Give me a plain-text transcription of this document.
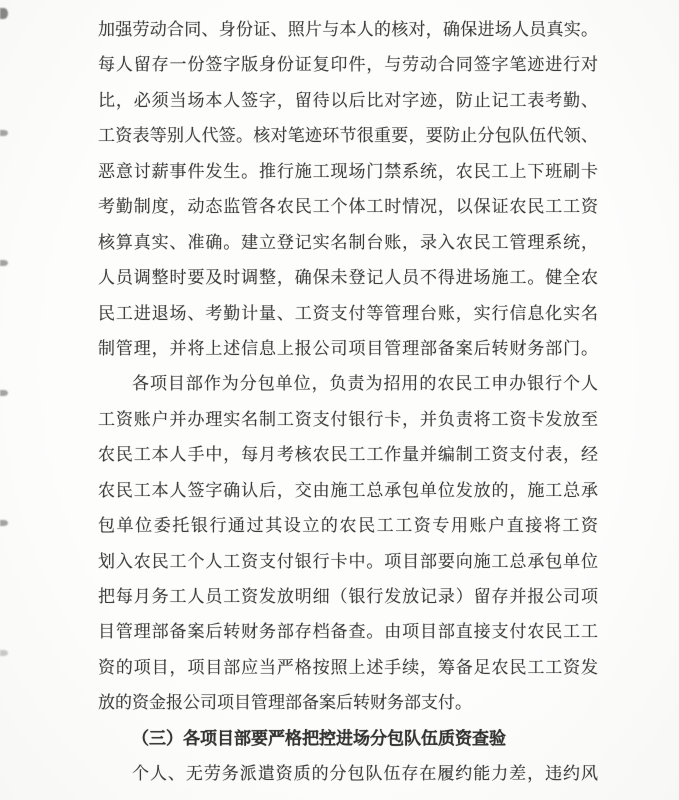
加强劳动合同、身份证、照片与本人的核对，确保进场人员真实。
每人留存一份签字版身份证复印件，与劳动合同签字笔迹进行对
比，必须当场本人签字，留待以后比对字迹，防止记工表考勤、
工资表等别人代签。核对笔迹环节很重要，要防止分包队伍代领、
恶意讨薪事件发生。推行施工现场门禁系统，农民工上下班刷卡
考勤制度，动态监管各农民工个体工时情况，以保证农民工工资
核算真实、准确。建立登记实名制台账，录入农民工管理系统，
人员调整时要及时调整，确保未登记人员不得进场施工。健全农
民工进退场、考勤计量、工资支付等管理台账，实行信息化实名
制管理，并将上述信息上报公司项目管理部备案后转财务部门。
各项目部作为分包单位，负责为招用的农民工申办银行个人
工资账户并办理实名制工资支付银行卡，并负责将工资卡发放至
农民工本人手中，每月考核农民工工作量并编制工资支付表，经
农民工本人签字确认后，交由施工总承包单位发放的，施工总承
包单位委托银行通过其设立的农民工工资专用账户直接将工资
划入农民工个人工资支付银行卡中。项目部要向施工总承包单位
把每月务工人员工资发放明细（银行发放记录）留存并报公司项
目管理部备案后转财务部存档备查。由项目部直接支付农民工工
资的项目，项目部应当严格按照上述手续，筹备足农民工工资发
放的资金报公司项目管理部备案后转财务部支付。
（三）各项目部要严格把控进场分包队伍质资查验
个人、无劳务派遣资质的分包队伍存在履约能力差，违约风
